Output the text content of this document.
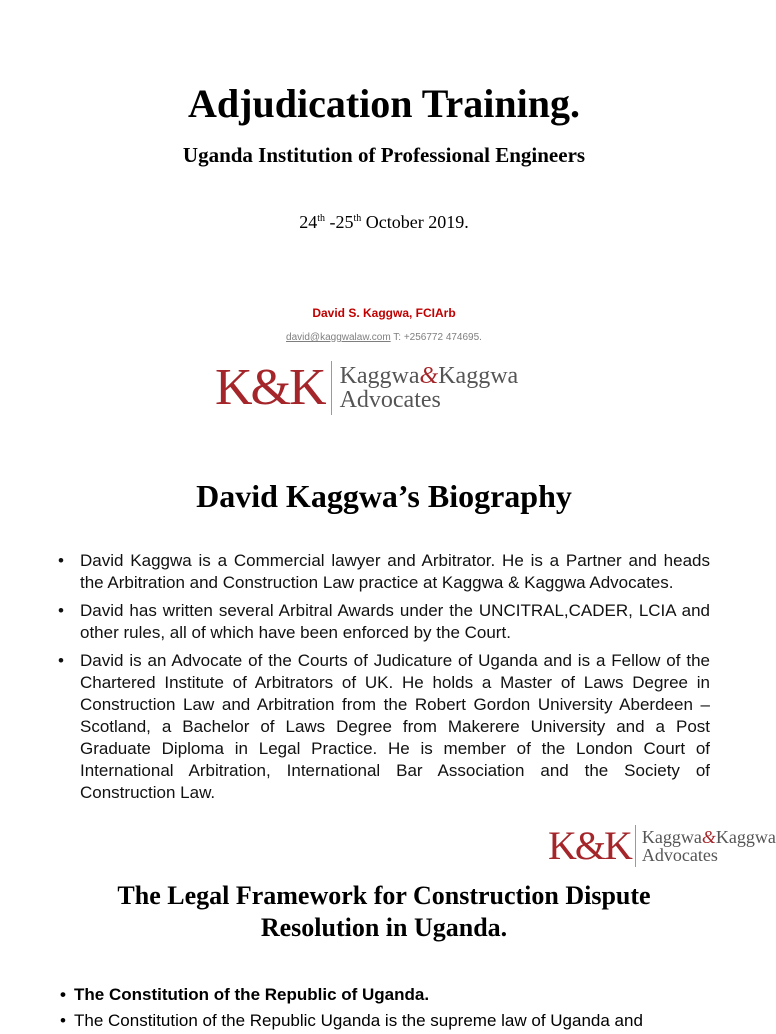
Adjudication Training.
Uganda Institution of Professional Engineers
24th -25th October 2019.
David S. Kaggwa, FCIArb
david@kaggwalaw.com T: +256772 474695.
K&K Kaggwa&Kaggwa
Advocates
David Kaggwa’s Biography
• David Kaggwa is a Commercial lawyer and Arbitrator. He is a Partner and heads the Arbitration and Construction Law practice at Kaggwa & Kaggwa Advocates.
• David has written several Arbitral Awards under the UNCITRAL,CADER, LCIA and other rules, all of which have been enforced by the Court.
• David is an Advocate of the Courts of Judicature of Uganda and is a Fellow of the Chartered Institute of Arbitrators of UK. He holds a Master of Laws Degree in Construction Law and Arbitration from the Robert Gordon University Aberdeen – Scotland, a Bachelor of Laws Degree from Makerere University and a Post Graduate Diploma in Legal Practice. He is member of the London Court of International Arbitration, International Bar Association and the Society of Construction Law.
K&K Kaggwa&Kaggwa
Advocates
The Legal Framework for Construction Dispute
Resolution in Uganda.
• The Constitution of the Republic of Uganda.
• The Constitution of the Republic Uganda is the supreme law of Uganda and
